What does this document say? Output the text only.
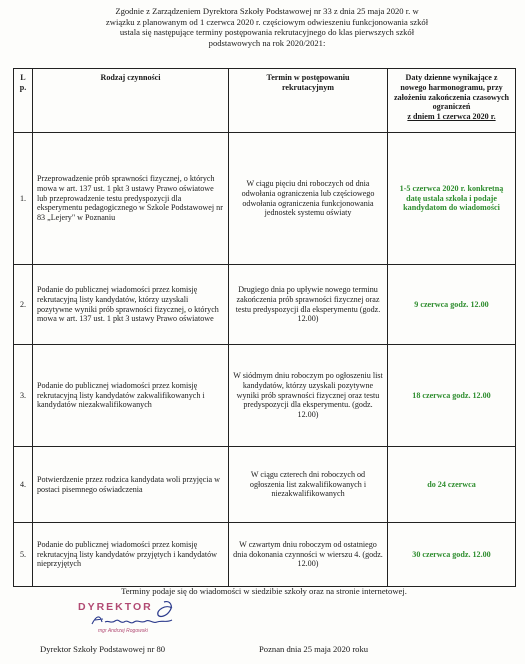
Zgodnie z Zarządzeniem Dyrektora Szkoły Podstawowej nr 33 z dnia 25 maja 2020 r. w
związku z planowanym od 1 czerwca 2020 r. częściowym odwieszeniu funkcjonowania szkół
ustala się następujące terminy postępowania rekrutacyjnego do klas pierwszych szkół
podstawowych na rok 2020/2021:
L p.	Rodzaj czynności	Termin w postępowaniu rekrutacyjnym	Daty dzienne wynikające z nowego harmonogramu, przy założeniu zakończenia czasowych ograniczeń
z dniem 1 czerwca 2020 r.
1.	Przeprowadzenie prób sprawności fizycznej, o których mowa w art. 137 ust. 1 pkt 3 ustawy Prawo oświatowe lub przeprowadzenie testu predyspozycji dla eksperymentu pedagogicznego w Szkole Podstawowej nr 83 „Lejery" w Poznaniu	W ciągu pięciu dni roboczych od dnia odwołania ograniczenia lub częściowego odwołania ograniczenia funkcjonowania jednostek systemu oświaty	1-5 czerwca 2020 r. konkretną datę ustala szkoła i podaje kandydatom do wiadomości
2.	Podanie do publicznej wiadomości przez komisję rekrutacyjną listy kandydatów, którzy uzyskali pozytywne wyniki prób sprawności fizycznej, o których mowa w art. 137 ust. 1 pkt 3 ustawy Prawo oświatowe	Drugiego dnia po upływie nowego terminu zakończenia prób sprawności fizycznej oraz testu predyspozycji dla eksperymentu (godz. 12.00)	9 czerwca godz. 12.00
3.	Podanie do publicznej wiadomości przez komisję rekrutacyjną listy kandydatów zakwalifikowanych i kandydatów niezakwalifikowanych	W siódmym dniu roboczym po ogłoszeniu list kandydatów, którzy uzyskali pozytywne wyniki prób sprawności fizycznej oraz testu predyspozycji dla eksperymentu. (godz. 12.00)	18 czerwca godz. 12.00
4.	Potwierdzenie przez rodzica kandydata woli przyjęcia w postaci pisemnego oświadczenia	W ciągu czterech dni roboczych od ogłoszenia list zakwalifikowanych i niezakwalifikowanych	do 24 czerwca
5.	Podanie do publicznej wiadomości przez komisję rekrutacyjną listy kandydatów przyjętych i kandydatów nieprzyjętych	W czwartym dniu roboczym od ostatniego dnia dokonania czynności w wierszu 4. (godz. 12.00)	30 czerwca godz. 12.00
Terminy podaje się do wiadomości w siedzibie szkoły oraz na stronie internetowej.
DYREKTOR
mgr Andrzej Rogowski
Dyrektor Szkoły Podstawowej nr 80	Poznan dnia 25 maja 2020 roku
